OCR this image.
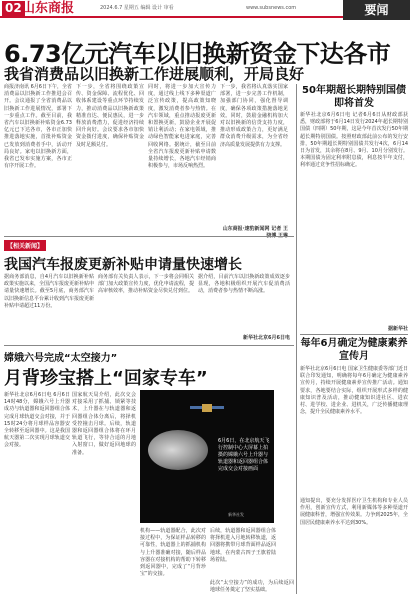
02 山东商报	2024.6.7 星期五 编辑 设计 审看	www.subsnews.com	要闻
6.73亿元汽车以旧换新资金下达各市
我省消费品以旧换新工作进展顺利，开局良好
商报济南讯 6月6日下午，全省消费品以旧换新工作推进会召开。会议通报了全省消费品以旧换新工作进展情况，部署下一步重点工作。截至目前，我省汽车以旧换新补贴资金6.73亿元已下达各市，各市正加快推进落地实施，首批补贴资金已发放到消费者手中，活动开局良好。家电以旧换新方面，我省已发布实施方案，各市正有序开展工作。
下一步，全省将围绕政策宣传、资金保障、流程优化、回收体系建设等重点环节持续发力，推动消费品以旧换新政策精准直达、便民惠民，进一步释放消费潜力，促进经济持续回升向好。会议要求各市加快资金拨付进度，确保补贴资金及时足额兑付。
同时，将进一步加大宣传力度，通过线上线下多种渠道广泛宣传政策，提高政策知晓度，激发消费者参与热情。在汽车领域，重点推动报废更新和置换更新，鼓励企业开展促销让利活动；在家电领域，推动绿色智能家电进家庭，完善回收网络。据统计，截至目前全省汽车报废更新补贴申请数量持续增长，各地汽车经销商积极参与，市场反响热烈。
下一步，我省将认真落实国家部署，进一步完善工作机制，加强部门协同，强化督导调度，确保各项政策措施落地见效。同时，鼓励金融机构加大对以旧换新的信贷支持力度，推动形成政策合力，更好满足群众消费升级需求，为全省经济高质量发展提供有力支撑。
山东商报·速豹新闻网 记者 王
50年期超长期特别国债即将首发
新华社北京6月6日电 记者6月6日从财政部获悉，财政部将于6月14日发行2024年超长期特别国债（四期）50年期，这是今年首次发行50年期超长期特别国债。按照财政部此前公布的发行安排，50年期超长期特别国债共发行4次，6月14日为首发，其余将在8月、9月、10月分别发行。本期国债为固定利率附息债，利息按半年支付，利率通过竞争性招标确定。
据新华社
每年6月确定为健康素养宣传月
新华社北京6月6日电 国家卫生健康委等部门近日联合印发通知，明确将每年6月确定为健康素养宣传月，持续开展健康素养宣传推广活动。通知要求，各地要结合实际，组织开展形式多样的健康知识普及活动，推动健康知识进社区、进农村、进学校、进企业、进机关，广泛传播健康理念，提升全民健康素养水平。
通知提出，要充分发挥医疗卫生机构和专业人员作用，创新宣传方式，利用新媒体等多种渠道开展健康科普，增强宣传效果。力争到2025年，全国居民健康素养水平达到30%。
【相关新闻】
我国汽车报废更新补贴申请量快速增长
据商务部消息，自4月汽车以旧换新补贴政策实施以来，全国汽车报废更新补贴申请量快速增长。截至5月底，商务部汽车以旧换新信息平台累计收到汽车报废更新补贴申请超过11万份。
商务部有关负责人表示，下一步将会同相关部门加大政策宣传力度，优化申请流程，提高审核效率，推动补贴资金尽快兑付到位。
据介绍，目前汽车以旧换新政策成效逐步显现，各地积极组织开展汽车促消费活动，消费者参与热情不断高涨。
新华社北京6月6日电
嫦娥六号完成“太空接力”
月背珍宝搭上“回家专车”
新华社北京6月6日电 6月6日14时48分，嫦娥六号上升器成功与轨道器和返回器组合体完成月球轨道交会对接，并于15时24分将月球样品容器安全转移至返回器中。这是我国航天器第二次实现月球轨道交会对接。
国家航天局介绍，此次交会对接采用了抓捕、锁紧等技术，上升器在与轨道器和返回器组合体分离后，将择机受控撞击月球。后续，轨道器和返回器组合体将在环月轨道飞行，等待合适的月地入射窗口，做好返回地球的准备。
6月6日，在北京航天飞行控制中心大屏幕上拍摄的嫦娥六号上升器与轨道器和返回器组合体完成交会对接画面
新华社发
机构——轨道器配合，此次对接过程中，为保证样品转移的可靠性，轨道器上的抓捕机构与上升器准确对接，随后样品容器在对接机构的帮助下转移到返回器中，完成了“月背珍宝”的交接。
后续，轨道器和返回器组合体将择机进入月地转移轨道，返回器将携带月球背面样品返回地球，在内蒙古四子王旗着陆场着陆。
此次“太空接力”的成功，为后续返回地球任务奠定了坚实基础。
